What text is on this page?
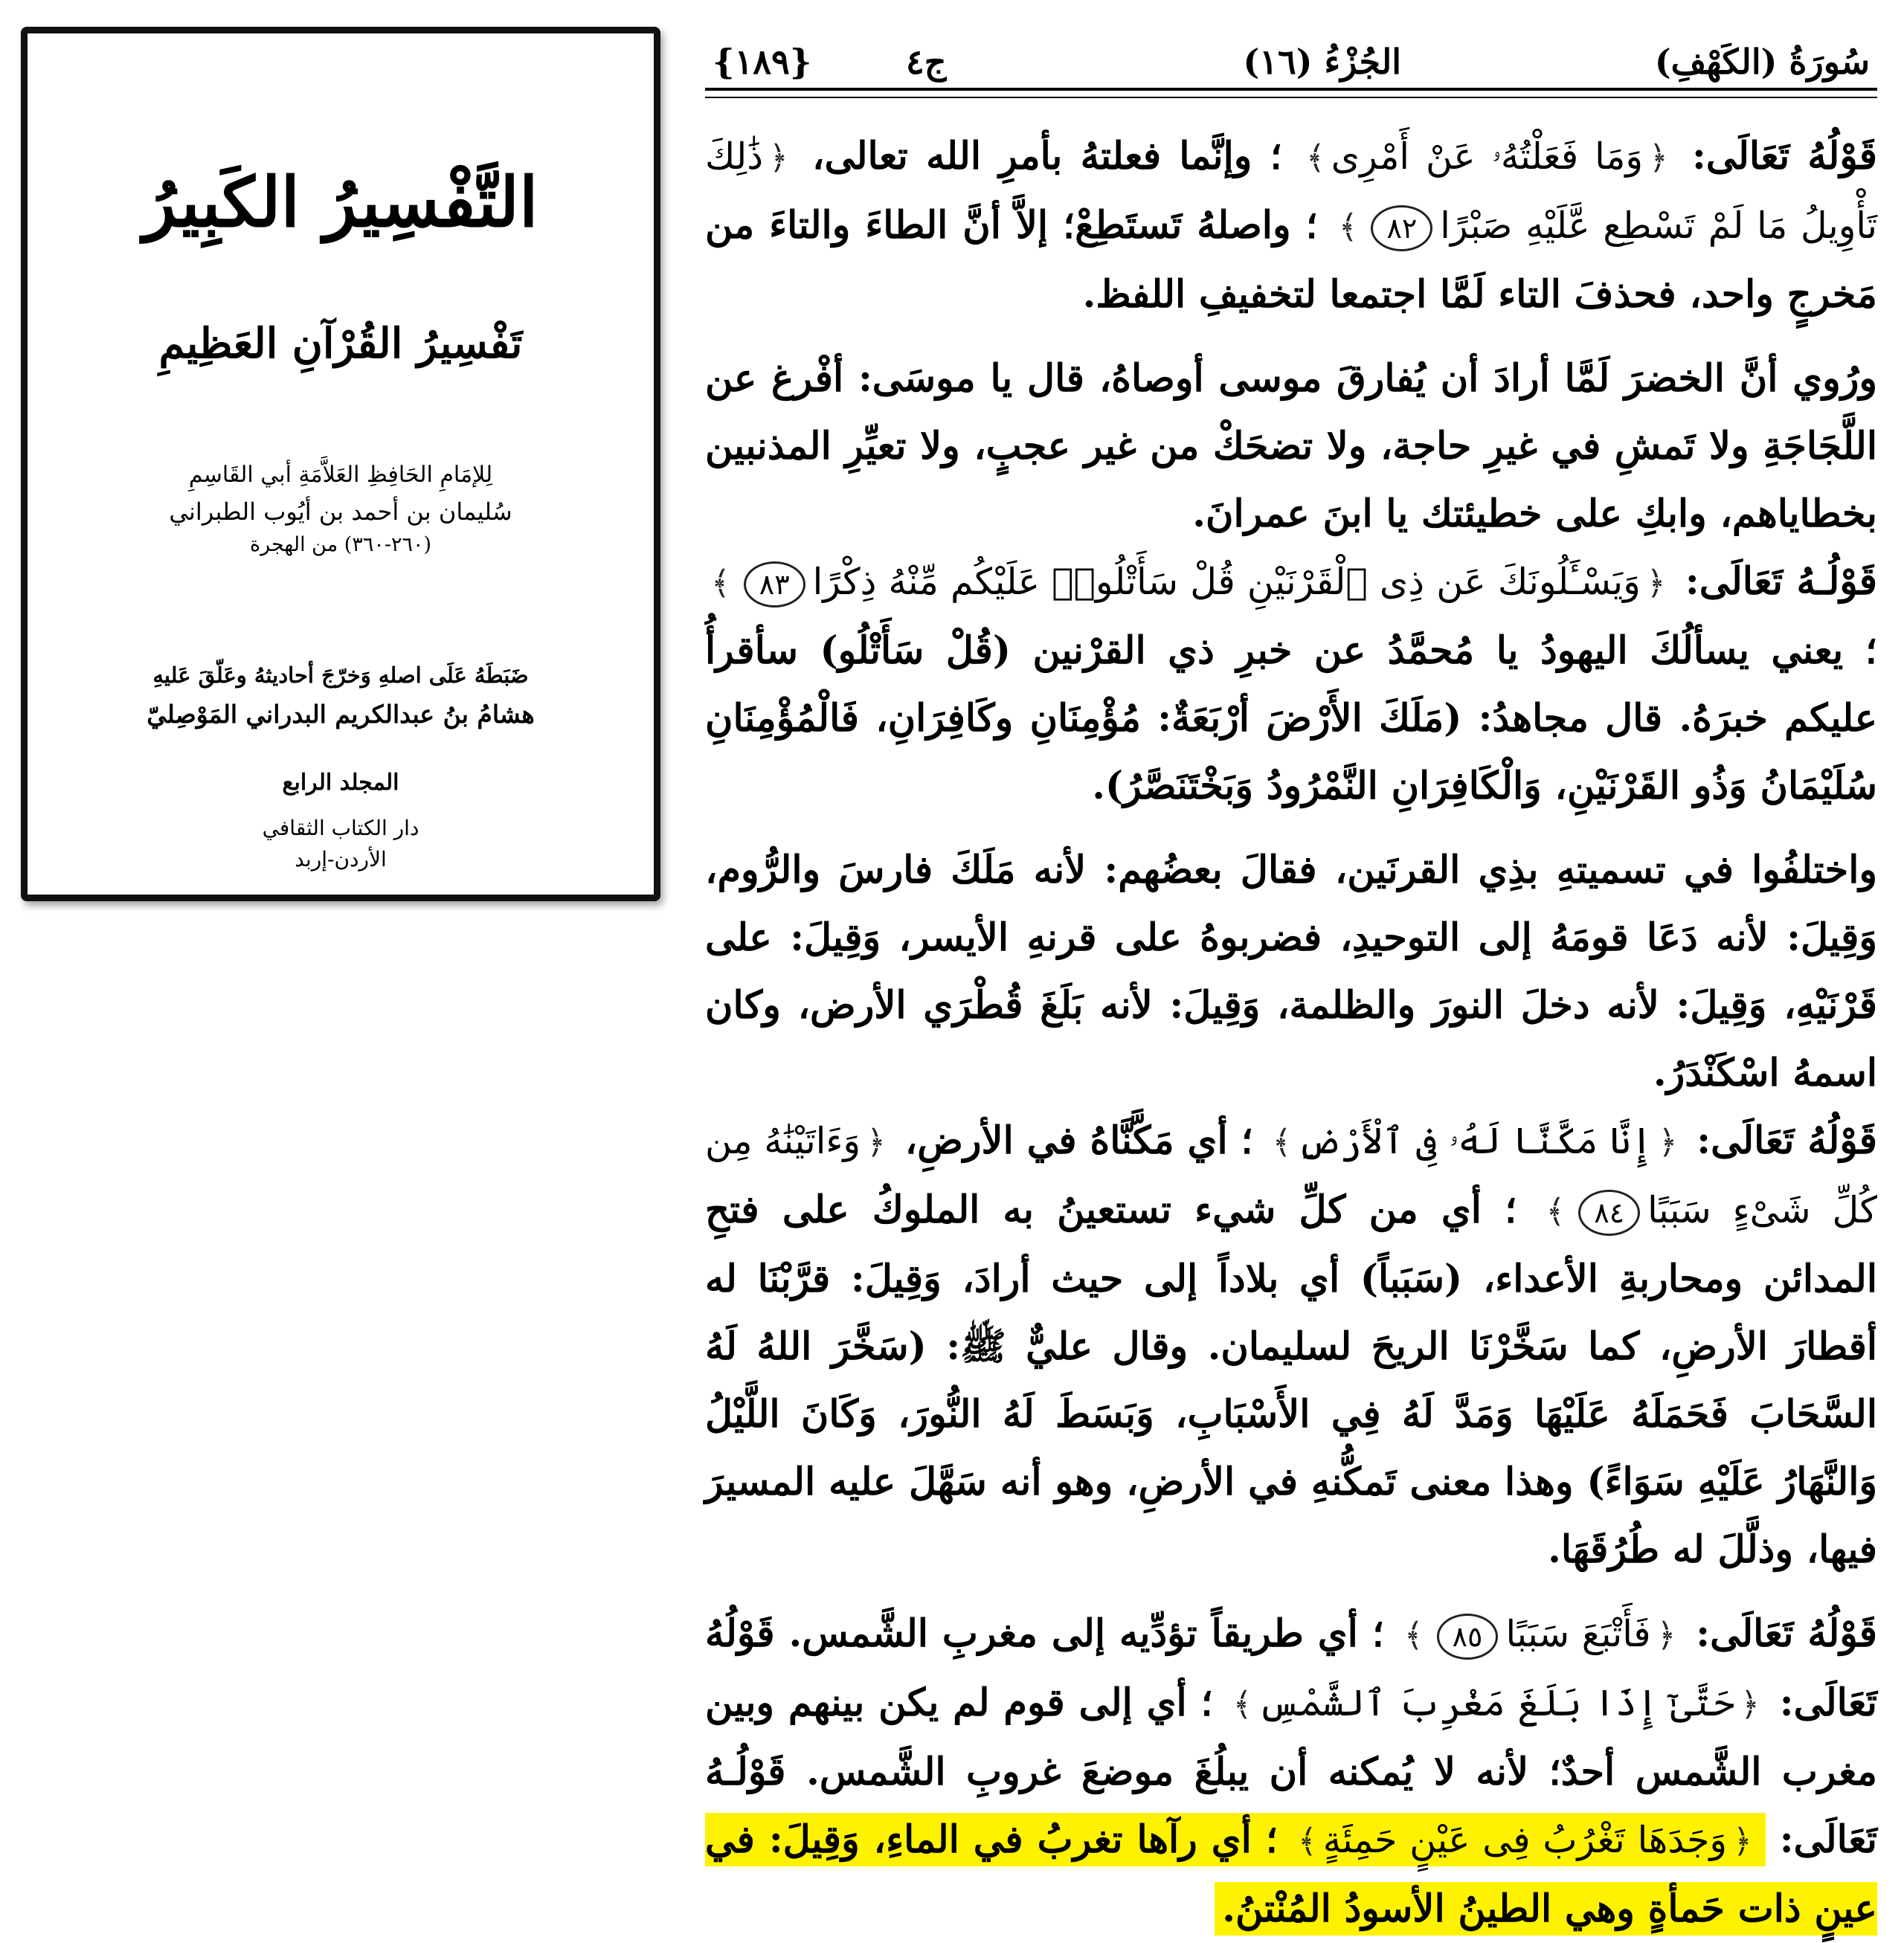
التَّفْسِيرُ الكَبِيرُ
تَفْسِيرُ القُرْآنِ العَظِيمِ
لِلإمَامِ الحَافِظِ العَلاَّمَةِ أبي القَاسِمِ
سُليمان بن أحمد بن أيُوب الطبراني
(٢٦٠-٣٦٠) من الهجرة
ضَبَطَهُ عَلَى اصلهِ وَخرّجَ أحاديثهُ وعَلّقَ عَليهِ
هشامُ بنُ عبدالكريم البدراني المَوْصِليّ
المجلد الرابع
دار الكتاب الثقافي
الأردن-إربد
سُورَةُ (الكَهْفِ)
الجُزْءُ (١٦)
ج٤
{١٨٩}

قَوْلُهُ تَعَالَى: ﴿وَمَا فَعَلْتُهُۥ عَنْ أَمْرِى﴾ ؛ وإنَّما فعلتهُ بأمرِ الله تعالى، ﴿ذَٰلِكَ تَأْوِيلُ مَا لَمْ تَسْطِع عَّلَيْهِ صَبْرًا٨٢﴾ ؛ واصلهُ تَستَطِعْ؛ إلاَّ أنَّ الطاءَ والتاءَ من مَخرجٍ واحد، فحذفَ التاء لَمَّا اجتمعا لتخفيفِ اللفظ.

ورُوي أنَّ الخضرَ لَمَّا أرادَ أن يُفارقَ موسى أوصاهُ، قال يا موسَى: أفْرغ عن اللَّجَاجَةِ ولا تَمشِ في غيرِ حاجة، ولا تضحَكْ من غير عجبٍ، ولا تعيِّرِ المذنبين بخطاياهم، وابكِ على خطيئتك يا ابنَ عمرانَ.

قَوْلُـهُ تَعَالَى: ﴿وَيَسْـَٔلُونَكَ عَن ذِى ٱلْقَرْنَيْنِ قُلْ سَأَتْلُوا۟ عَلَيْكُم مِّنْهُ ذِكْرًا٨٣﴾ ؛ يعني يسألُكَ اليهودُ يا مُحمَّدُ عن خبرِ ذي القرْنين (قُلْ سَأَتْلُو) سأقرأُ عليكم خبرَهُ. قال مجاهدُ: (مَلَكَ الأَرْضَ أرْبَعَةٌ: مُؤْمِنَانِ وكَافِرَانِ، فَالْمُؤْمِنَانِ سُلَيْمَانُ وَذُو القَرْنَيْنِ، وَالْكَافِرَانِ النَّمْرُودُ وَبَخْتَنَصَّرُ).

واختلفُوا في تسميتهِ بذِي القرنَين، فقالَ بعضُهم: لأنه مَلَكَ فارسَ والرُّوم، وَقِيلَ: لأنه دَعَا قومَهُ إلى التوحيدِ، فضربوهُ على قرنهِ الأيسر، وَقِيلَ: على قَرْنَيْهِ، وَقِيلَ: لأنه دخلَ النورَ والظلمة، وَقِيلَ: لأنه بَلَغَ قُطْرَي الأرض، وكان اسمهُ اسْكَنْدَرُ.

قَوْلُهُ تَعَالَى: ﴿إِنَّا مَكَّنَّا لَهُۥ فِى ٱلْأَرْضِ﴾ ؛ أي مَكَّنَّاهُ في الأرضِ، ﴿وَءَاتَيْنَٰهُ مِن كُلِّ شَىْءٍ سَبَبًا٨٤﴾ ؛ أي من كلِّ شيء تستعينُ به الملوكُ على فتحِ المدائن ومحاربةِ الأعداء، (سَبَباً) أي بلاداً إلى حيث أرادَ، وَقِيلَ: قرَّبْنَا له أقطارَ الأرضِ، كما سَخَّرْنَا الريحَ لسليمان. وقال عليٌّ ﷺ: (سَخَّرَ اللهُ لَهُ السَّحَابَ فَحَمَلَهُ عَلَيْهَا وَمَدَّ لَهُ فِي الأَسْبَابِ، وَبَسَطَ لَهُ النُّورَ، وَكَانَ اللَّيْلُ وَالنَّهَارُ عَلَيْهِ سَوَاءً) وهذا معنى تَمكُّنهِ في الأرضِ، وهو أنه سَهَّلَ عليه المسيرَ فيها، وذلَّلَ له طُرُقَهَا.

قَوْلُهُ تَعَالَى: ﴿فَأَتْبَعَ سَبَبًا٨٥﴾ ؛ أي طريقاً تؤدِّيه إلى مغربِ الشَّمس. قَوْلُهُ تَعَالَى: ﴿حَتَّىٰٓ إِذَا بَلَغَ مَغْرِبَ ٱلشَّمْسِ﴾ ؛ أي إلى قوم لم يكن بينهم وبين مغرب الشَّمس أحدٌ؛ لأنه لا يُمكنه أن يبلُغَ موضعَ غروبِ الشَّمس. قَوْلُـهُ تَعَالَى: ﴿وَجَدَهَا تَغْرُبُ فِى عَيْنٍ حَمِئَةٍ﴾ ؛ أي رآها تغربُ في الماءِ، وَقِيلَ: في عينٍ ذات حَمأةٍ وهي الطينُ الأسودُ المُنْتنُ.
